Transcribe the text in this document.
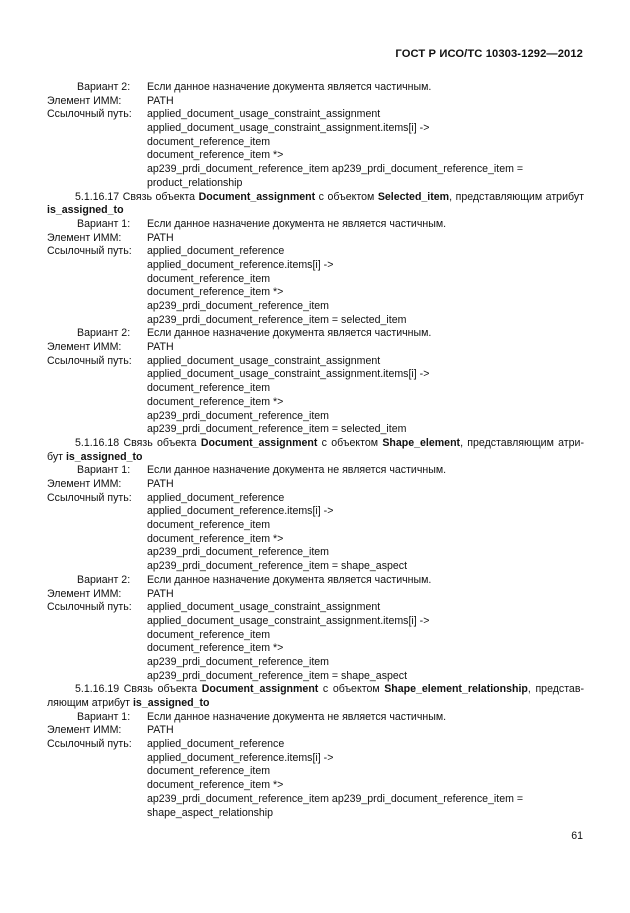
ГОСТ Р ИСО/ТС 10303-1292—2012
Вариант 2:	Если данное назначение документа является частичным.
Элемент ИММ:	PATH
Ссылочный путь:	applied_document_usage_constraint_assignment
applied_document_usage_constraint_assignment.items[i] ->
document_reference_item
document_reference_item *>
ap239_prdi_document_reference_item ap239_prdi_document_reference_item =
product_relationship
5.1.16.17 Связь объекта Document_assignment с объектом Selected_item, представляющим атрибут is_assigned_to
Вариант 1:	Если данное назначение документа не является частичным.
Элемент ИММ:	PATH
Ссылочный путь:	applied_document_reference
applied_document_reference.items[i] ->
document_reference_item
document_reference_item *>
ap239_prdi_document_reference_item
ap239_prdi_document_reference_item = selected_item
Вариант 2:	Если данное назначение документа является частичным.
Элемент ИММ:	PATH
Ссылочный путь:	applied_document_usage_constraint_assignment
applied_document_usage_constraint_assignment.items[i] ->
document_reference_item
document_reference_item *>
ap239_prdi_document_reference_item
ap239_prdi_document_reference_item = selected_item
5.1.16.18 Связь объекта Document_assignment с объектом Shape_element, представляющим атри-бут is_assigned_to
Вариант 1:	Если данное назначение документа не является частичным.
Элемент ИММ:	PATH
Ссылочный путь:	applied_document_reference
applied_document_reference.items[i] ->
document_reference_item
document_reference_item *>
ap239_prdi_document_reference_item
ap239_prdi_document_reference_item = shape_aspect
Вариант 2:	Если данное назначение документа является частичным.
Элемент ИММ:	PATH
Ссылочный путь:	applied_document_usage_constraint_assignment
applied_document_usage_constraint_assignment.items[i] ->
document_reference_item
document_reference_item *>
ap239_prdi_document_reference_item
ap239_prdi_document_reference_item = shape_aspect
5.1.16.19 Связь объекта Document_assignment с объектом Shape_element_relationship, представ-ляющим атрибут is_assigned_to
Вариант 1:	Если данное назначение документа не является частичным.
Элемент ИММ:	PATH
Ссылочный путь:	applied_document_reference
applied_document_reference.items[i] ->
document_reference_item
document_reference_item *>
ap239_prdi_document_reference_item ap239_prdi_document_reference_item =
shape_aspect_relationship
61
